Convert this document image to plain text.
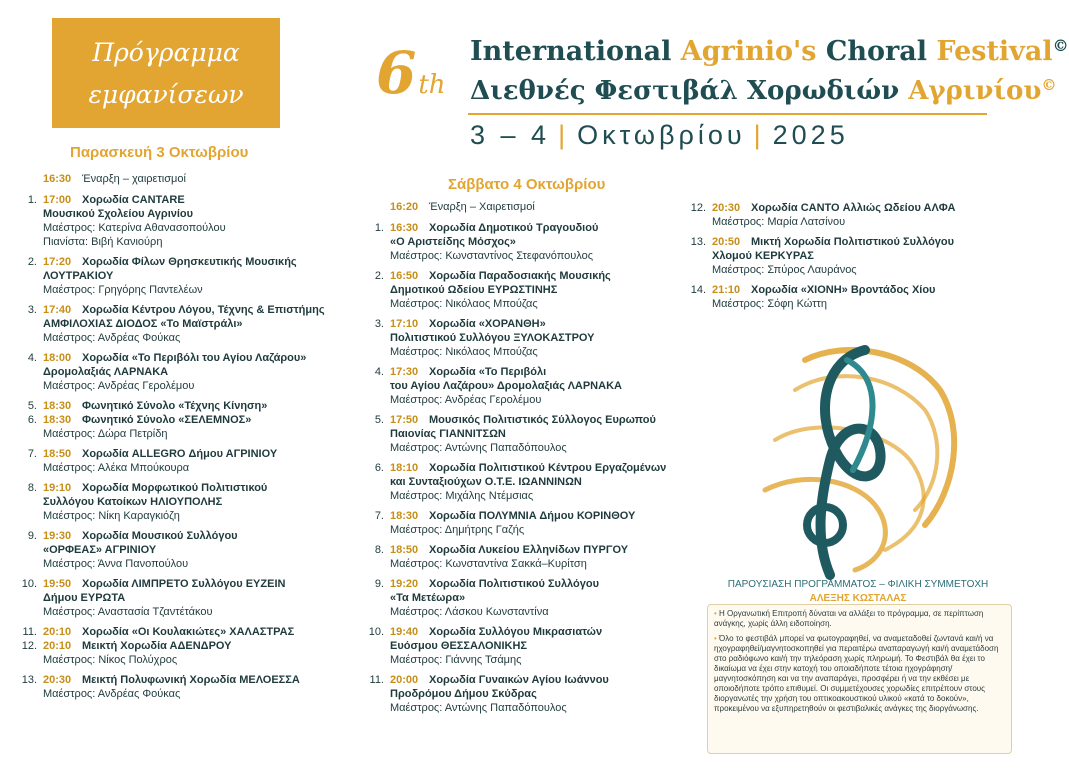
Πρόγραμμα
εμφανίσεων	6th
International Agrinio's Choral Festival©
Διεθνές Φεστιβάλ Χορωδιών Αγρινίου©
3 – 4 | Οκτωβρίου | 2025
Παρασκευή 3 Οκτωβρίου
16:30 Έναρξη – χαιρετισμοί
1. 17:00 Χορωδία CANTARE
Μουσικού Σχολείου Αγρινίου
Μαέστρος: Κατερίνα Αθανασοπούλου
Πιανίστα: Βιβή Κανιούρη
2. 17:20 Χορωδία Φίλων Θρησκευτικής Μουσικής
ΛΟΥΤΡΑΚΙΟΥ
Μαέστρος: Γρηγόρης Παντελέων
3. 17:40 Χορωδία Κέντρου Λόγου, Τέχνης & Επιστήμης
ΑΜΦΙΛΟΧΙΑΣ ΔΙΟΔΟΣ «Το Μαϊστράλι»
Μαέστρος: Ανδρέας Φούκας
4. 18:00 Χορωδία «Το Περιβόλι του Αγίου Λαζάρου»
Δρομολαξιάς ΛΑΡΝΑΚΑ
Μαέστρος: Ανδρέας Γερολέμου
5. 18:30 Φωνητικό Σύνολο «Τέχνης Κίνηση»
6. 18:30 Φωνητικό Σύνολο «ΣΕΛΕΜΝΟΣ»
Μαέστρος: Δώρα Πετρίδη
7. 18:50 Χορωδία ALLEGRO Δήμου ΑΓΡΙΝΙΟΥ
Μαέστρος: Αλέκα Μπούκουρα
8. 19:10 Χορωδία Μορφωτικού Πολιτιστικού
Συλλόγου Κατοίκων ΗΛΙΟΥΠΟΛΗΣ
Μαέστρος: Νίκη Καραγκιόζη
9. 19:30 Χορωδία Μουσικού Συλλόγου
«ΟΡΦΕΑΣ» ΑΓΡΙΝΙΟΥ
Μαέστρος: Άννα Πανοπούλου
10. 19:50 Χορωδία ΛΙΜΠΡΕΤΟ Συλλόγου ΕΥΖΕΙΝ
Δήμου ΕΥΡΩΤΑ
Μαέστρος: Αναστασία Τζαντέτάκου
11. 20:10 Χορωδία «Οι Κουλακιώτες» ΧΑΛΑΣΤΡΑΣ
12. 20:10 Μεικτή Χορωδία ΑΔΕΝΔΡΟΥ
Μαέστρος: Νίκος Πολύχρος
13. 20:30 Μεικτή Πολυφωνική Χορωδία ΜΕΛΟΕΣΣΑ
Μαέστρος: Ανδρέας Φούκας
Σάββατο 4 Οκτωβρίου
16:20 Έναρξη – Χαιρετισμοί
1. 16:30 Χορωδία Δημοτικού Τραγουδιού
«Ο Αριστείδης Μόσχος»
Μαέστρος: Κωνσταντίνος Στεφανόπουλος
2. 16:50 Χορωδία Παραδοσιακής Μουσικής
Δημοτικού Ωδείου ΕΥΡΩΣΤΙΝΗΣ
Μαέστρος: Νικόλαος Μπούζας
3. 17:10 Χορωδία «ΧΟΡΑΝΘΗ»
Πολιτιστικού Συλλόγου ΞΥΛΟΚΑΣΤΡΟΥ
Μαέστρος: Νικόλαος Μπούζας
4. 17:30 Χορωδία «Το Περιβόλι
του Αγίου Λαζάρου» Δρομολαξιάς ΛΑΡΝΑΚΑ
Μαέστρος: Ανδρέας Γερολέμου
5. 17:50 Μουσικός Πολιτιστικός Σύλλογος Ευρωπού
Παιονίας ΓΙΑΝΝΙΤΣΩΝ
Μαέστρος: Αντώνης Παπαδόπουλος
6. 18:10 Χορωδία Πολιτιστικού Κέντρου Εργαζομένων
και Συνταξιούχων Ο.Τ.Ε. ΙΩΑΝΝΙΝΩΝ
Μαέστρος: Μιχάλης Ντέμσιας
7. 18:30 Χορωδία ΠΟΛΥΜΝΙΑ Δήμου ΚΟΡΙΝΘΟΥ
Μαέστρος: Δημήτρης Γαζής
8. 18:50 Χορωδία Λυκείου Ελληνίδων ΠΥΡΓΟΥ
Μαέστρος: Κωνσταντίνα Σακκά–Κυρίτση
9. 19:20 Χορωδία Πολιτιστικού Συλλόγου
«Τα Μετέωρα»
Μαέστρος: Λάσκου Κωνσταντίνα
10. 19:40 Χορωδία Συλλόγου Μικρασιατών
Ευόσμου ΘΕΣΣΑΛΟΝΙΚΗΣ
Μαέστρος: Γιάννης Τσάμης
11. 20:00 Χορωδία Γυναικών Αγίου Ιωάννου
Προδρόμου Δήμου Σκύδρας
Μαέστρος: Αντώνης Παπαδόπουλος
12. 20:30 Χορωδία CANTO Αλλιώς Ωδείου ΑΛΦΑ
Μαέστρος: Μαρία Λατσίνου
13. 20:50 Μικτή Χορωδία Πολιτιστικού Συλλόγου
Χλομού ΚΕΡΚΥΡΑΣ
Μαέστρος: Σπύρος Λαυράνος
14. 21:10 Χορωδία «ΧΙΟΝΗ» Βροντάδος Χίου
Μαέστρος: Σόφη Κώττη
ΠΑΡΟΥΣΙΑΣΗ ΠΡΟΓΡΑΜΜΑΤΟΣ – ΦΙΛΙΚΗ ΣΥΜΜΕΤΟΧΗ
ΑΛΕΞΗΣ ΚΩΣΤΑΛΑΣ

• Η Οργανωτική Επιτροπή δύναται να αλλάξει το πρόγραμμα, σε περίπτωση ανάγκης, χωρίς άλλη ειδοποίηση.

• Όλο το φεστιβάλ μπορεί να φωτογραφηθεί, να αναμεταδοθεί ζωντανά και/ή να ηχογραφηθεί/μαγνητοσκοπηθεί για περαιτέρω αναπαραγωγή και/ή αναμετάδοση στο ραδιόφωνο και/ή την τηλεόραση χωρίς πληρωμή. Το Φεστιβάλ θα έχει το δικαίωμα να έχει στην κατοχή του οποιαδήποτε τέτοια ηχογράφηση/μαγνητοσκόπηση και να την αναπαράγει, προσφέρει ή να την εκθέσει με οποιοδήποτε τρόπο επιθυμεί. Οι συμμετέχουσες χορωδίες επιτρέπουν στους διοργανωτές την χρήση του οπτικοακουστικού υλικού «κατά το δοκούν», προκειμένου να εξυπηρετηθούν οι φεστιβαλικές ανάγκες της διοργάνωσης.
